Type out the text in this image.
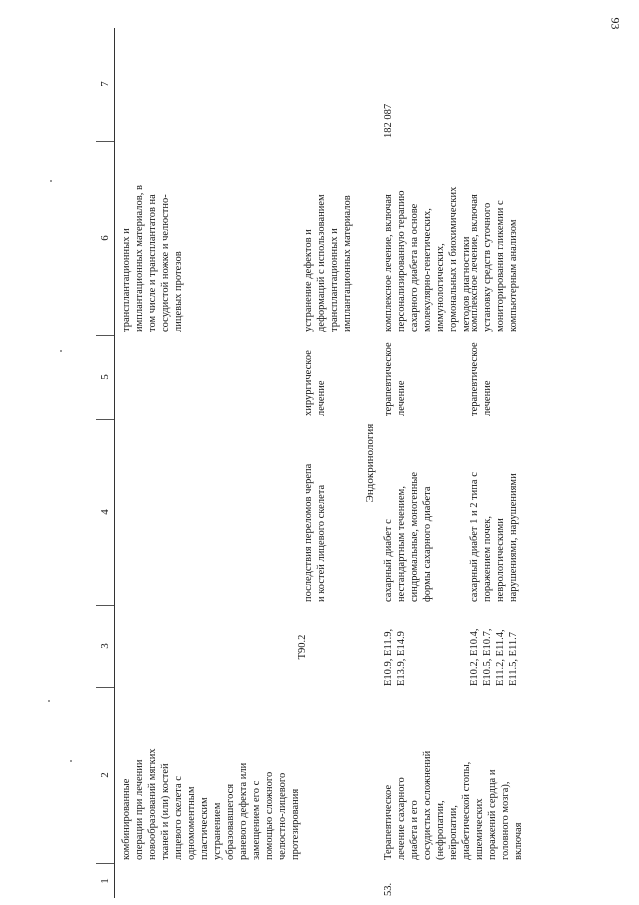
93
1
2
3
4
5
6
7
комбинированные
операции при лечении
новообразований мягких
тканей и (или) костей
лицевого скелета с
одномоментным
пластическим
устранением
образовавшегося
раневого дефекта или
замещением его с
помощью сложного
челюстно-лицевого
протезирования
трансплантационных и
имплантационных материалов, в
том числе и трансплантатов на
сосудистой ножке и челюстно-
лицевых протезов
T90.2
последствия переломов черепа
и костей лицевого скелета
хирургическое
лечение
устранение дефектов и
деформаций с использованием
трансплантационных и
имплантационных материалов
Эндокринология
53.
Терапевтическое
лечение сахарного
диабета и его
сосудистых осложнений
(нефропатии,
нейропатии,
диабетической стопы,
ишемических
поражений сердца и
головного мозга),
включая
E10.9, E11.9,
E13.9, E14.9
E10.2, E10.4,
E10.5, E10.7,
E11.2, E11.4,
E11.5, E11.7
сахарный диабет с
нестандартным течением,
синдромальные, моногенные
формы сахарного диабета
сахарный диабет 1 и 2 типа с
поражением почек,
неврологическими
нарушениями, нарушениями
терапевтическое
лечение	терапевтическое
лечение
комплексное лечение, включая
персонализированную терапию
сахарного диабета на основе
молекулярно-генетических,
иммунологических,
гормональных и биохимических
методов диагностики
комплексное лечение, включая
установку средств суточного
мониторирования гликемии с
компьютерным анализом
182 087
